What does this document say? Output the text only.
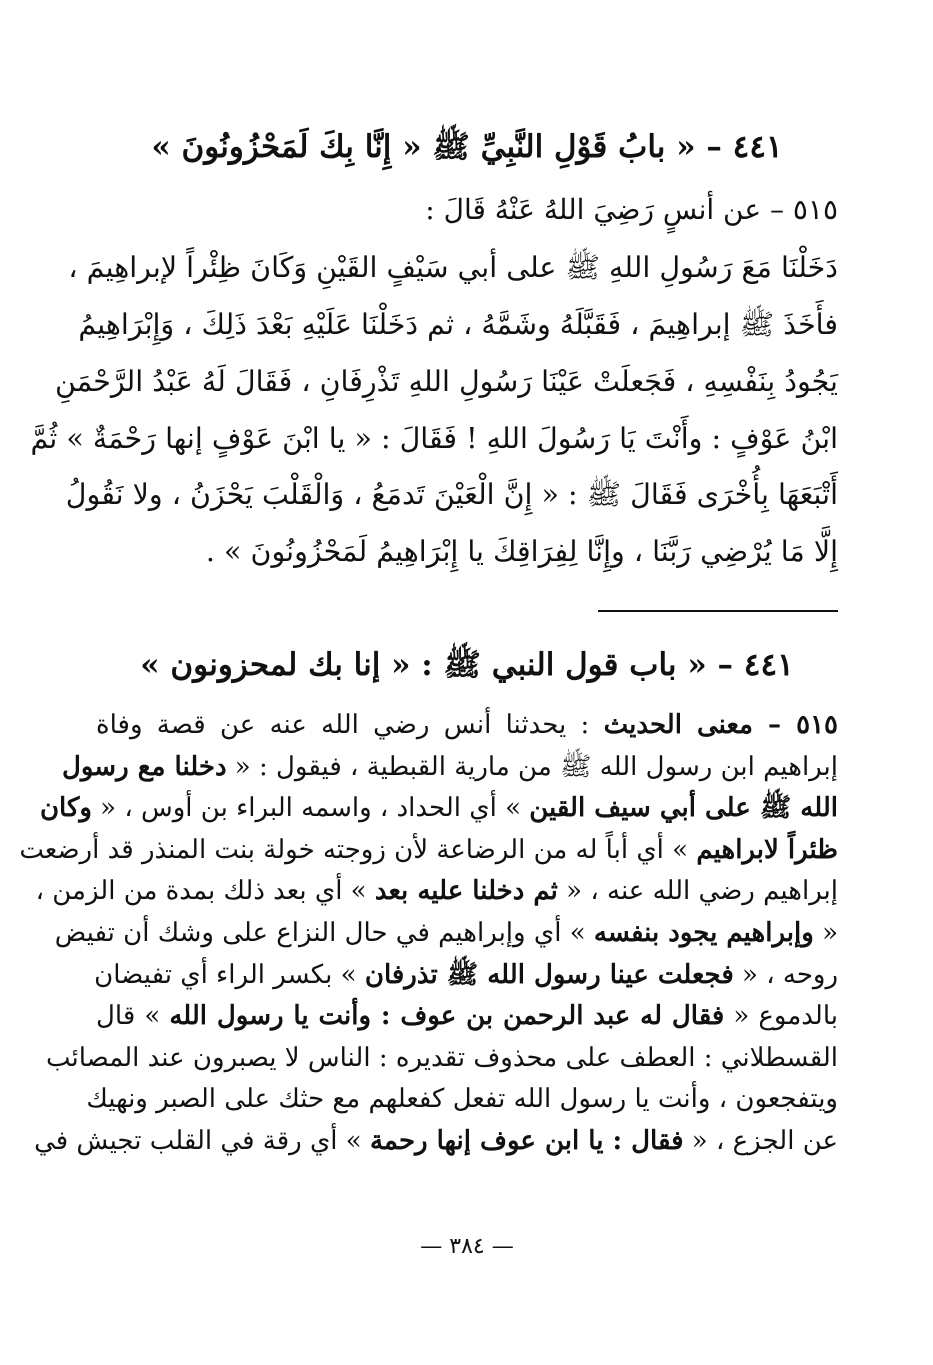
٤٤١ – « بابُ قَوْلِ النَّبِيِّ ﷺ « إِنَّا بِكَ لَمَحْزُونُونَ »
٥١٥ – عن أنسٍ رَضِيَ اللهُ عَنْهُ قَالَ :
دَخَلْنَا مَعَ رَسُولِ اللهِ ﷺ على أبي سَيْفٍ القَيْنِ وَكَانَ ظِئْراً لإبراهِيمَ ،
فأَخَذَ ﷺ إبراهِيمَ ، فَقَبَّلَهُ وشَمَّهُ ، ثم دَخَلْنَا عَلَيْهِ بَعْدَ ذَلِكَ ، وَإِبْرَاهِيمُ
يَجُودُ بِنَفْسِهِ ، فَجَعلَتْ عَيْنَا رَسُولِ اللهِ تَذْرِفَانِ ، فَقَالَ لَهُ عَبْدُ الرَّحْمَنِ
ابْنُ عَوْفٍ : وأَنْتَ يَا رَسُولَ اللهِ ! فَقَالَ : « يا ابْنَ عَوْفٍ إنها رَحْمَةٌ » ثُمَّ
أَتْبَعَهَا بِأُخْرَى فَقَالَ ﷺ : « إِنَّ الْعَيْنَ تَدمَعُ ، وَالْقَلْبَ يَحْزَنُ ، ولا نَقُولُ
إِلَّا مَا يُرْضِي رَبَّنَا ، وإِنَّا لِفِرَاقِكَ يا إِبْرَاهِيمُ لَمَحْزُونُونَ » .
٤٤١ – « باب قول النبي ﷺ : « إنا بك لمحزونون »
٥١٥ – معنى الحديث : يحدثنا أنس رضي الله عنه عن قصة وفاة
إبراهيم ابن رسول الله ﷺ من مارية القبطية ، فيقول : « دخلنا مع رسول
الله ﷺ على أبي سيف القين » أي الحداد ، واسمه البراء بن أوس ، « وكان
ظئراً لابراهيم » أي أباً له من الرضاعة لأن زوجته خولة بنت المنذر قد أرضعت
إبراهيم رضي الله عنه ، « ثم دخلنا عليه بعد » أي بعد ذلك بمدة من الزمن ،
« وإبراهيم يجود بنفسه » أي وإبراهيم في حال النزاع على وشك أن تفيض
روحه ، « فجعلت عينا رسول الله ﷺ تذرفان » بكسر الراء أي تفيضان
بالدموع « فقال له عبد الرحمن بن عوف : وأنت يا رسول الله » قال
القسطلاني : العطف على محذوف تقديره : الناس لا يصبرون عند المصائب
ويتفجعون ، وأنت يا رسول الله تفعل كفعلهم مع حثك على الصبر ونهيك
عن الجزع ، « فقال : يا ابن عوف إنها رحمة » أي رقة في القلب تجيش في
— ٣٨٤ —
